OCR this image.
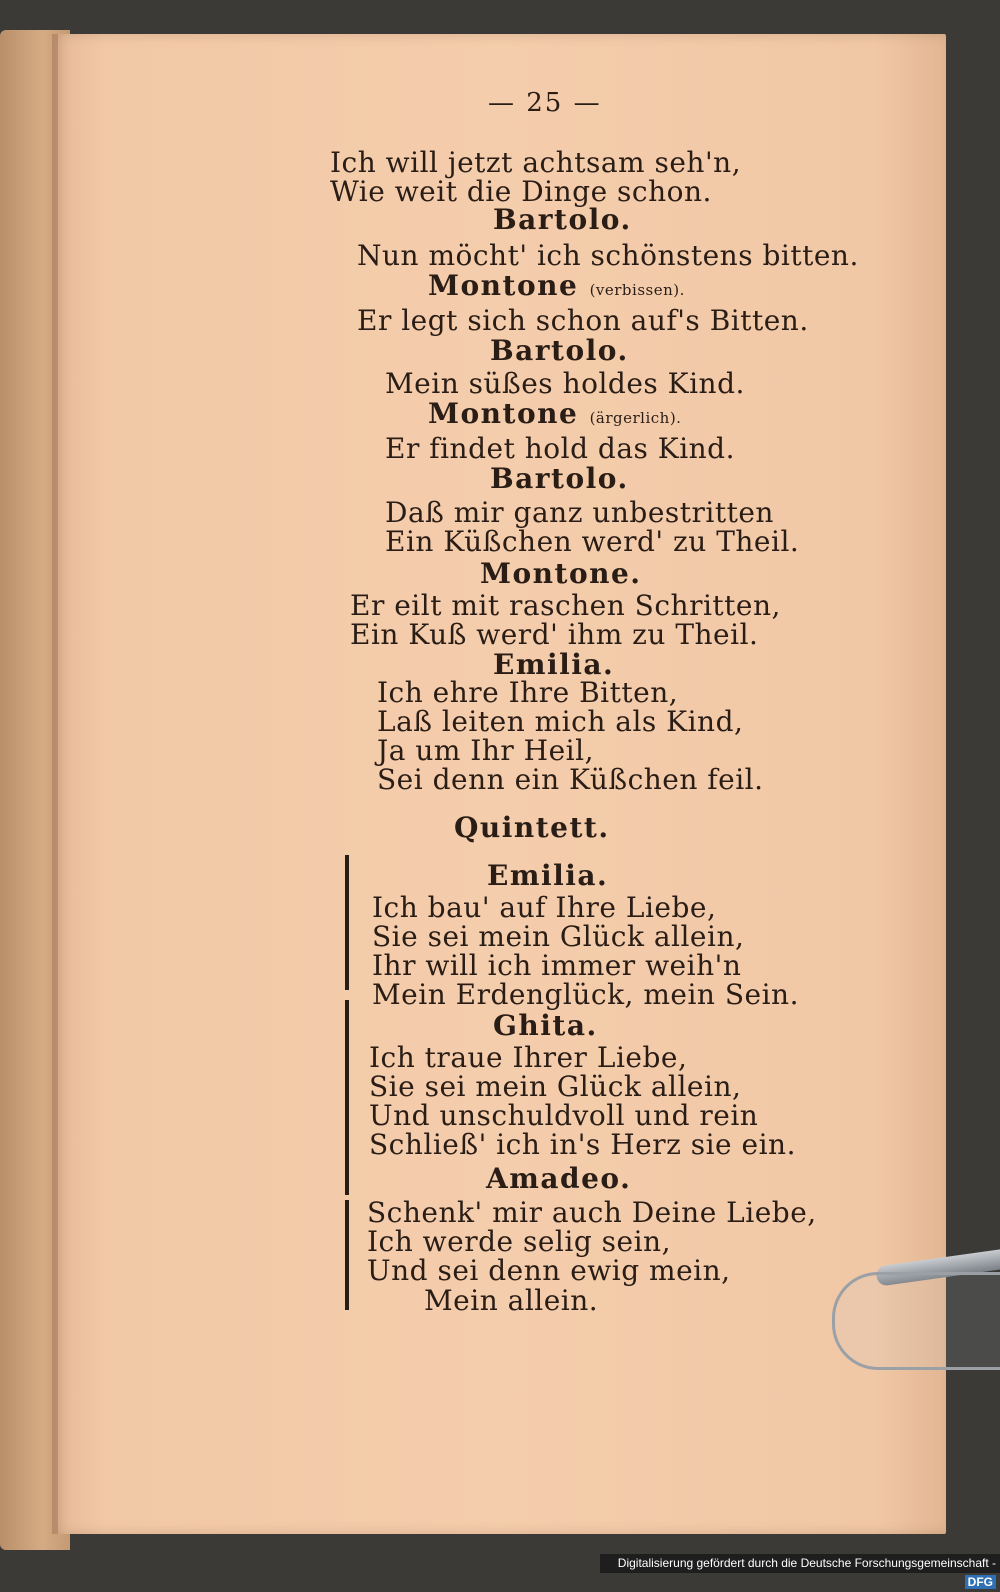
— 25 —
Ich will jetzt achtsam seh'n,
Wie weit die Dinge schon.
Bartolo.
Nun möcht' ich schönstens bitten.
Montone (verbissen).
Er legt sich schon auf's Bitten.
Bartolo.
Mein süßes holdes Kind.
Montone (ärgerlich).
Er findet hold das Kind.
Bartolo.
Daß mir ganz unbestritten
Ein Küßchen werd' zu Theil.
Montone.
Er eilt mit raschen Schritten,
Ein Kuß werd' ihm zu Theil.
Emilia.
Ich ehre Ihre Bitten,
Laß leiten mich als Kind,
Ja um Ihr Heil,
Sei denn ein Küßchen feil.
Quintett.
Emilia.
Ich bau' auf Ihre Liebe,
Sie sei mein Glück allein,
Ihr will ich immer weih'n
Mein Erdenglück, mein Sein.
Ghita.
Ich traue Ihrer Liebe,
Sie sei mein Glück allein,
Und unschuldvoll und rein
Schließ' ich in's Herz sie ein.
Amadeo.
Schenk' mir auch Deine Liebe,
Ich werde selig sein,
Und sei denn ewig mein,
Mein allein.
Digitalisierung gefördert durch die Deutsche Forschungsgemeinschaft -DFG
